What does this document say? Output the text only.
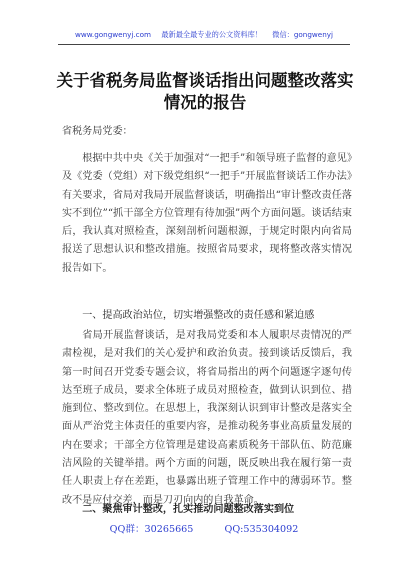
www.gongwenyj.com 最新最全最专业的公文资料库！ 微信：gongwenyj
关于省税务局监督谈话指出问题整改落实情况的报告
省税务局党委：
根据中共中央《关于加强对“一把手”和领导班子监督的意见》及《党委（党组）对下级党组织“一把手”开展监督谈话工作办法》有关要求，省局对我局开展监督谈话，明确指出“审计整改责任落实不到位”“抓干部全方位管理有待加强”两个方面问题。谈话结束后，我认真对照检查，深刻剖析问题根源，于规定时限内向省局报送了思想认识和整改措施。按照省局要求，现将整改落实情况报告如下。
一、提高政治站位，切实增强整改的责任感和紧迫感
省局开展监督谈话，是对我局党委和本人履职尽责情况的严肃检视，是对我们的关心爱护和政治负责。接到谈话反馈后，我第一时间召开党委专题会议，将省局指出的两个问题逐字逐句传达至班子成员，要求全体班子成员对照检查，做到认识到位、措施到位、整改到位。在思想上，我深刻认识到审计整改是落实全面从严治党主体责任的重要内容，是推动税务事业高质量发展的内在要求；干部全方位管理是建设高素质税务干部队伍、防范廉洁风险的关键举措。两个方面的问题，既反映出我在履行第一责任人职责上存在差距，也暴露出班子管理工作中的薄弱环节。整改不是应付交差，而是刀刃向内的自我革命。
二、聚焦审计整改，扎实推动问题整改落实到位
QQ群：30265665	QQ:535304092
